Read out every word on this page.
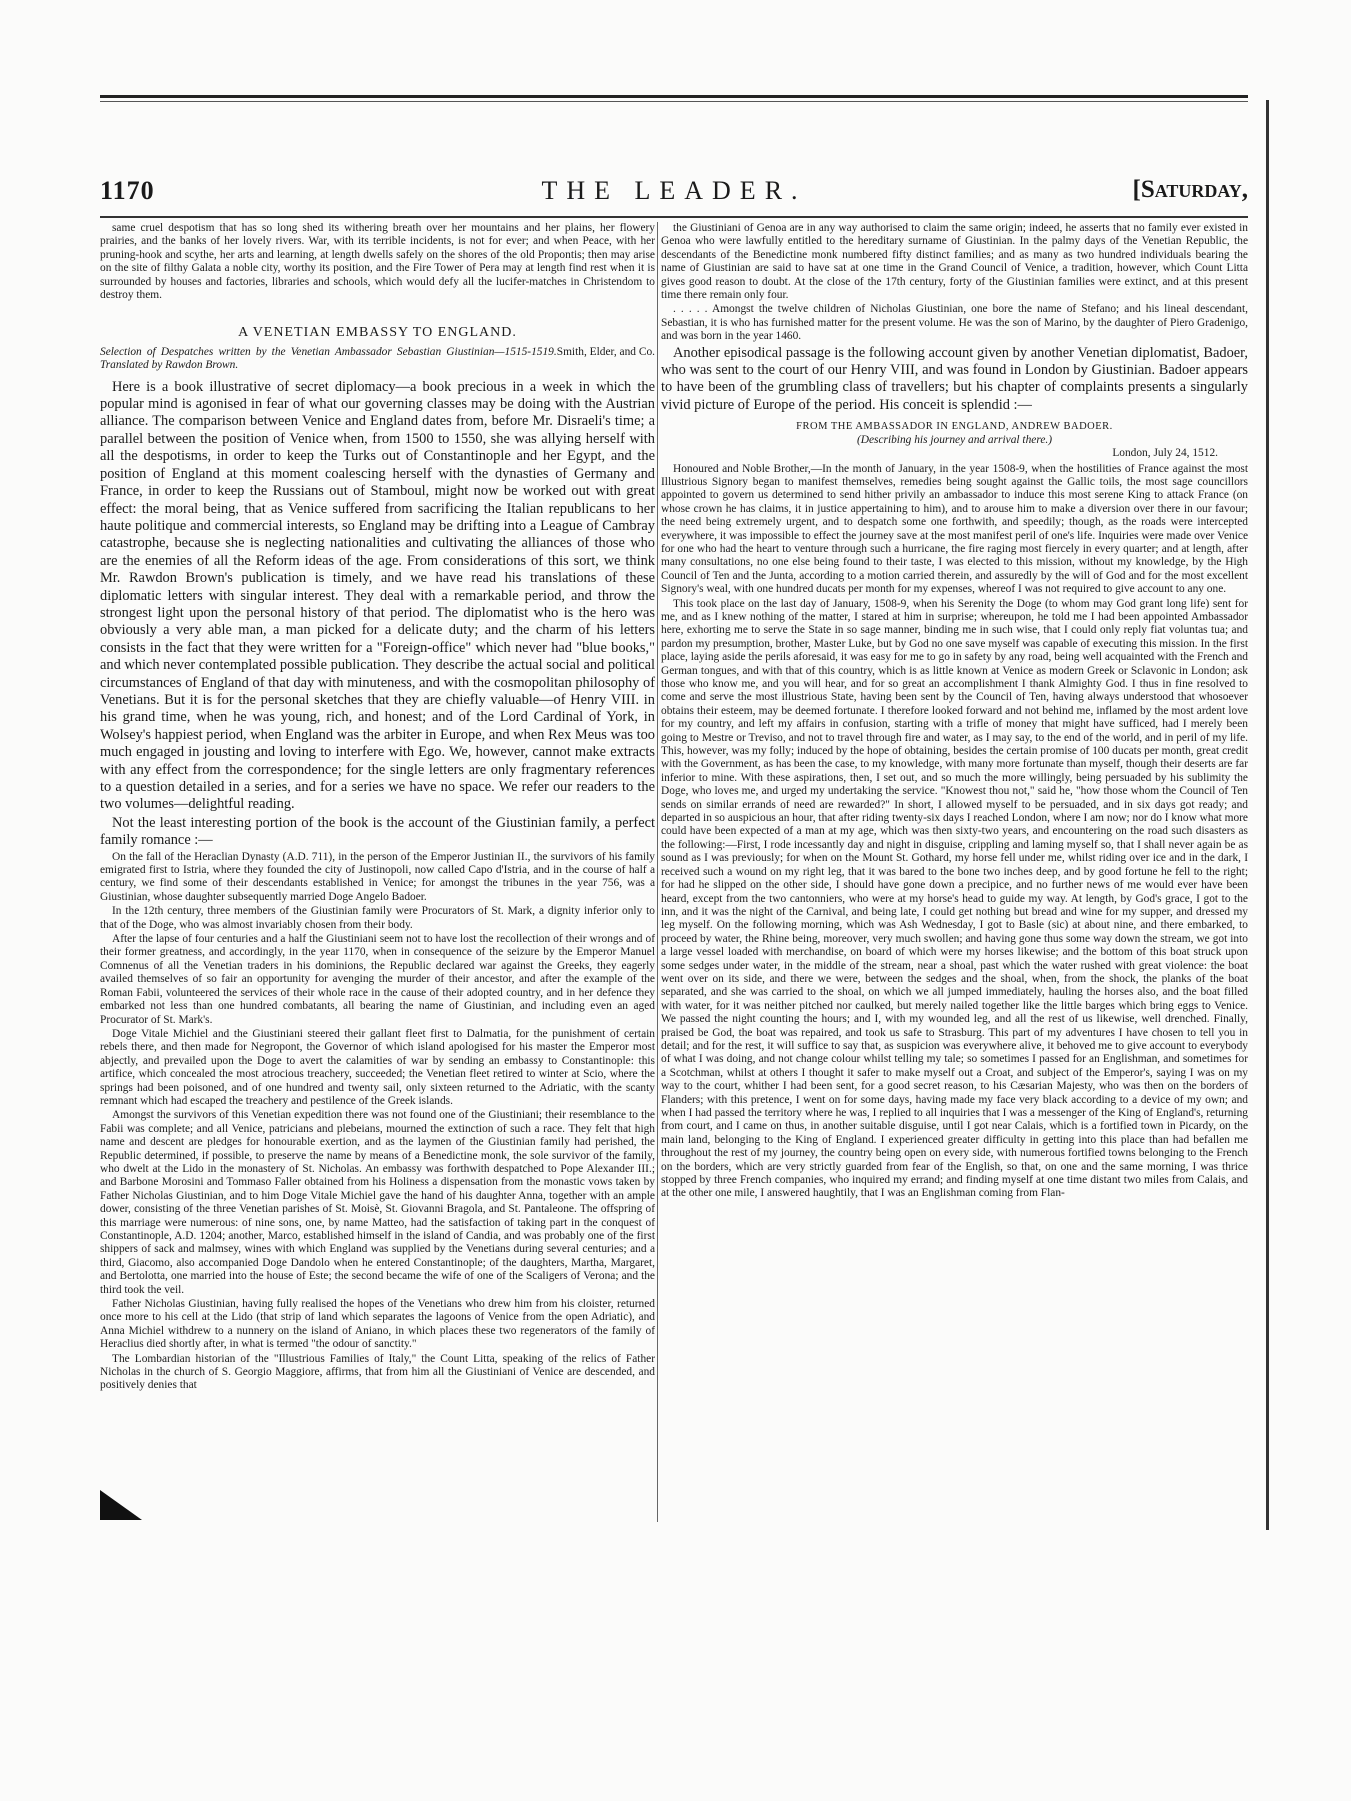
1170	THE LEADER.	[Saturday,

same cruel despotism that has so long shed its withering breath over her mountains and her plains, her flowery prairies, and the banks of her lovely rivers. War, with its terrible incidents, is not for ever; and when Peace, with her pruning-hook and scythe, her arts and learning, at length dwells safely on the shores of the old Propontis; then may arise on the site of filthy Galata a noble city, worthy its position, and the Fire Tower of Pera may at length find rest when it is surrounded by houses and factories, libraries and schools, which would defy all the lucifer-matches in Christendom to destroy them.

A VENETIAN EMBASSY TO ENGLAND.

Smith, Elder, and Co.
Selection of Despatches written by the Venetian Ambassador Sebastian Giustinian—1515-1519. Translated by Rawdon Brown.

Here is a book illustrative of secret diplomacy—a book precious in a week in which the popular mind is agonised in fear of what our governing classes may be doing with the Austrian alliance. The comparison between Venice and England dates from, before Mr. Disraeli's time; a parallel between the position of Venice when, from 1500 to 1550, she was allying herself with all the despotisms, in order to keep the Turks out of Constantinople and her Egypt, and the position of England at this moment coalescing herself with the dynasties of Germany and France, in order to keep the Russians out of Stamboul, might now be worked out with great effect: the moral being, that as Venice suffered from sacrificing the Italian republicans to her haute politique and commercial interests, so England may be drifting into a League of Cambray catastrophe, because she is neglecting nationalities and cultivating the alliances of those who are the enemies of all the Reform ideas of the age. From considerations of this sort, we think Mr. Rawdon Brown's publication is timely, and we have read his translations of these diplomatic letters with singular interest. They deal with a remarkable period, and throw the strongest light upon the personal history of that period. The diplomatist who is the hero was obviously a very able man, a man picked for a delicate duty; and the charm of his letters consists in the fact that they were written for a "Foreign-office" which never had "blue books," and which never contemplated possible publication. They describe the actual social and political circumstances of England of that day with minuteness, and with the cosmopolitan philosophy of Venetians. But it is for the personal sketches that they are chiefly valuable—of Henry VIII. in his grand time, when he was young, rich, and honest; and of the Lord Cardinal of York, in Wolsey's happiest period, when England was the arbiter in Europe, and when Rex Meus was too much engaged in jousting and loving to interfere with Ego. We, however, cannot make extracts with any effect from the correspondence; for the single letters are only fragmentary references to a question detailed in a series, and for a series we have no space. We refer our readers to the two volumes—delightful reading.

Not the least interesting portion of the book is the account of the Giustinian family, a perfect family romance :—

On the fall of the Heraclian Dynasty (A.D. 711), in the person of the Emperor Justinian II., the survivors of his family emigrated first to Istria, where they founded the city of Justinopoli, now called Capo d'Istria, and in the course of half a century, we find some of their descendants established in Venice; for amongst the tribunes in the year 756, was a Giustinian, whose daughter subsequently married Doge Angelo Badoer.

In the 12th century, three members of the Giustinian family were Procurators of St. Mark, a dignity inferior only to that of the Doge, who was almost invariably chosen from their body.

After the lapse of four centuries and a half the Giustiniani seem not to have lost the recollection of their wrongs and of their former greatness, and accordingly, in the year 1170, when in consequence of the seizure by the Emperor Manuel Comnenus of all the Venetian traders in his dominions, the Republic declared war against the Greeks, they eagerly availed themselves of so fair an opportunity for avenging the murder of their ancestor, and after the example of the Roman Fabii, volunteered the services of their whole race in the cause of their adopted country, and in her defence they embarked not less than one hundred combatants, all bearing the name of Giustinian, and including even an aged Procurator of St. Mark's.

Doge Vitale Michiel and the Giustiniani steered their gallant fleet first to Dalmatia, for the punishment of certain rebels there, and then made for Negropont, the Governor of which island apologised for his master the Emperor most abjectly, and prevailed upon the Doge to avert the calamities of war by sending an embassy to Constantinople: this artifice, which concealed the most atrocious treachery, succeeded; the Venetian fleet retired to winter at Scio, where the springs had been poisoned, and of one hundred and twenty sail, only sixteen returned to the Adriatic, with the scanty remnant which had escaped the treachery and pestilence of the Greek islands.

Amongst the survivors of this Venetian expedition there was not found one of the Giustiniani; their resemblance to the Fabii was complete; and all Venice, patricians and plebeians, mourned the extinction of such a race. They felt that high name and descent are pledges for honourable exertion, and as the laymen of the Giustinian family had perished, the Republic determined, if possible, to preserve the name by means of a Benedictine monk, the sole survivor of the family, who dwelt at the Lido in the monastery of St. Nicholas. An embassy was forthwith despatched to Pope Alexander III.; and Barbone Morosini and Tommaso Faller obtained from his Holiness a dispensation from the monastic vows taken by Father Nicholas Giustinian, and to him Doge Vitale Michiel gave the hand of his daughter Anna, together with an ample dower, consisting of the three Venetian parishes of St. Moisè, St. Giovanni Bragola, and St. Pantaleone. The offspring of this marriage were numerous: of nine sons, one, by name Matteo, had the satisfaction of taking part in the conquest of Constantinople, A.D. 1204; another, Marco, established himself in the island of Candia, and was probably one of the first shippers of sack and malmsey, wines with which England was supplied by the Venetians during several centuries; and a third, Giacomo, also accompanied Doge Dandolo when he entered Constantinople; of the daughters, Martha, Margaret, and Bertolotta, one married into the house of Este; the second became the wife of one of the Scaligers of Verona; and the third took the veil.

Father Nicholas Giustinian, having fully realised the hopes of the Venetians who drew him from his cloister, returned once more to his cell at the Lido (that strip of land which separates the lagoons of Venice from the open Adriatic), and Anna Michiel withdrew to a nunnery on the island of Aniano, in which places these two regenerators of the family of Heraclius died shortly after, in what is termed "the odour of sanctity."

The Lombardian historian of the "Illustrious Families of Italy," the Count Litta, speaking of the relics of Father Nicholas in the church of S. Georgio Maggiore, affirms, that from him all the Giustiniani of Venice are descended, and positively denies that

the Giustiniani of Genoa are in any way authorised to claim the same origin; indeed, he asserts that no family ever existed in Genoa who were lawfully entitled to the hereditary surname of Giustinian. In the palmy days of the Venetian Republic, the descendants of the Benedictine monk numbered fifty distinct families; and as many as two hundred individuals bearing the name of Giustinian are said to have sat at one time in the Grand Council of Venice, a tradition, however, which Count Litta gives good reason to doubt. At the close of the 17th century, forty of the Giustinian families were extinct, and at this present time there remain only four.

. . . . . Amongst the twelve children of Nicholas Giustinian, one bore the name of Stefano; and his lineal descendant, Sebastian, it is who has furnished matter for the present volume. He was the son of Marino, by the daughter of Piero Gradenigo, and was born in the year 1460.

Another episodical passage is the following account given by another Venetian diplomatist, Badoer, who was sent to the court of our Henry VIII, and was found in London by Giustinian. Badoer appears to have been of the grumbling class of travellers; but his chapter of complaints presents a singularly vivid picture of Europe of the period. His conceit is splendid :—

FROM THE AMBASSADOR IN ENGLAND, ANDREW BADOER.

(Describing his journey and arrival there.)

London, July 24, 1512.

Honoured and Noble Brother,—In the month of January, in the year 1508-9, when the hostilities of France against the most Illustrious Signory began to manifest themselves, remedies being sought against the Gallic toils, the most sage councillors appointed to govern us determined to send hither privily an ambassador to induce this most serene King to attack France (on whose crown he has claims, it in justice appertaining to him), and to arouse him to make a diversion over there in our favour; the need being extremely urgent, and to despatch some one forthwith, and speedily; though, as the roads were intercepted everywhere, it was impossible to effect the journey save at the most manifest peril of one's life. Inquiries were made over Venice for one who had the heart to venture through such a hurricane, the fire raging most fiercely in every quarter; and at length, after many consultations, no one else being found to their taste, I was elected to this mission, without my knowledge, by the High Council of Ten and the Junta, according to a motion carried therein, and assuredly by the will of God and for the most excellent Signory's weal, with one hundred ducats per month for my expenses, whereof I was not required to give account to any one.

This took place on the last day of January, 1508-9, when his Serenity the Doge (to whom may God grant long life) sent for me, and as I knew nothing of the matter, I stared at him in surprise; whereupon, he told me I had been appointed Ambassador here, exhorting me to serve the State in so sage manner, binding me in such wise, that I could only reply fiat voluntas tua; and pardon my presumption, brother, Master Luke, but by God no one save myself was capable of executing this mission. In the first place, laying aside the perils aforesaid, it was easy for me to go in safety by any road, being well acquainted with the French and German tongues, and with that of this country, which is as little known at Venice as modern Greek or Sclavonic in London; ask those who know me, and you will hear, and for so great an accomplishment I thank Almighty God. I thus in fine resolved to come and serve the most illustrious State, having been sent by the Council of Ten, having always understood that whosoever obtains their esteem, may be deemed fortunate. I therefore looked forward and not behind me, inflamed by the most ardent love for my country, and left my affairs in confusion, starting with a trifle of money that might have sufficed, had I merely been going to Mestre or Treviso, and not to travel through fire and water, as I may say, to the end of the world, and in peril of my life. This, however, was my folly; induced by the hope of obtaining, besides the certain promise of 100 ducats per month, great credit with the Government, as has been the case, to my knowledge, with many more fortunate than myself, though their deserts are far inferior to mine. With these aspirations, then, I set out, and so much the more willingly, being persuaded by his sublimity the Doge, who loves me, and urged my undertaking the service. "Knowest thou not," said he, "how those whom the Council of Ten sends on similar errands of need are rewarded?" In short, I allowed myself to be persuaded, and in six days got ready; and departed in so auspicious an hour, that after riding twenty-six days I reached London, where I am now; nor do I know what more could have been expected of a man at my age, which was then sixty-two years, and encountering on the road such disasters as the following:—First, I rode incessantly day and night in disguise, crippling and laming myself so, that I shall never again be as sound as I was previously; for when on the Mount St. Gothard, my horse fell under me, whilst riding over ice and in the dark, I received such a wound on my right leg, that it was bared to the bone two inches deep, and by good fortune he fell to the right; for had he slipped on the other side, I should have gone down a precipice, and no further news of me would ever have been heard, except from the two cantonniers, who were at my horse's head to guide my way. At length, by God's grace, I got to the inn, and it was the night of the Carnival, and being late, I could get nothing but bread and wine for my supper, and dressed my leg myself. On the following morning, which was Ash Wednesday, I got to Basle (sic) at about nine, and there embarked, to proceed by water, the Rhine being, moreover, very much swollen; and having gone thus some way down the stream, we got into a large vessel loaded with merchandise, on board of which were my horses likewise; and the bottom of this boat struck upon some sedges under water, in the middle of the stream, near a shoal, past which the water rushed with great violence: the boat went over on its side, and there we were, between the sedges and the shoal, when, from the shock, the planks of the boat separated, and she was carried to the shoal, on which we all jumped immediately, hauling the horses also, and the boat filled with water, for it was neither pitched nor caulked, but merely nailed together like the little barges which bring eggs to Venice. We passed the night counting the hours; and I, with my wounded leg, and all the rest of us likewise, well drenched. Finally, praised be God, the boat was repaired, and took us safe to Strasburg. This part of my adventures I have chosen to tell you in detail; and for the rest, it will suffice to say that, as suspicion was everywhere alive, it behoved me to give account to everybody of what I was doing, and not change colour whilst telling my tale; so sometimes I passed for an Englishman, and sometimes for a Scotchman, whilst at others I thought it safer to make myself out a Croat, and subject of the Emperor's, saying I was on my way to the court, whither I had been sent, for a good secret reason, to his Cæsarian Majesty, who was then on the borders of Flanders; with this pretence, I went on for some days, having made my face very black according to a device of my own; and when I had passed the territory where he was, I replied to all inquiries that I was a messenger of the King of England's, returning from court, and I came on thus, in another suitable disguise, until I got near Calais, which is a fortified town in Picardy, on the main land, belonging to the King of England. I experienced greater difficulty in getting into this place than had befallen me throughout the rest of my journey, the country being open on every side, with numerous fortified towns belonging to the French on the borders, which are very strictly guarded from fear of the English, so that, on one and the same morning, I was thrice stopped by three French companies, who inquired my errand; and finding myself at one time distant two miles from Calais, and at the other one mile, I answered haughtily, that I was an Englishman coming from Flan-
